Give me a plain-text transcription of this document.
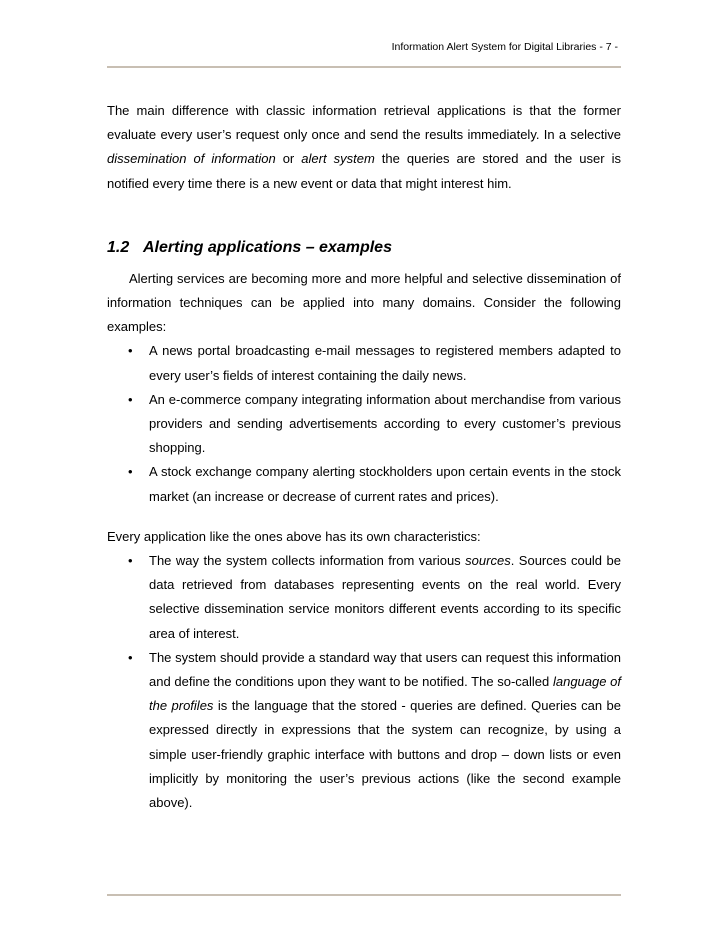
Information Alert System for Digital Libraries - 7 -

The main difference with classic information retrieval applications is that the former evaluate every user’s request only once and send the results immediately. In a selective dissemination of information or alert system the queries are stored and the user is notified every time there is a new event or data that might interest him.

1.2 Alerting applications – examples

Alerting services are becoming more and more helpful and selective dissemination of information techniques can be applied into many domains. Consider the following examples:

• A news portal broadcasting e-mail messages to registered members adapted to every user’s fields of interest containing the daily news.
• An e-commerce company integrating information about merchandise from various providers and sending advertisements according to every customer’s previous shopping.
• A stock exchange company alerting stockholders upon certain events in the stock market (an increase or decrease of current rates and prices).

Every application like the ones above has its own characteristics:

• The way the system collects information from various sources. Sources could be data retrieved from databases representing events on the real world. Every selective dissemination service monitors different events according to its specific area of interest.
• The system should provide a standard way that users can request this information and define the conditions upon they want to be notified. The so-called language of the profiles is the language that the stored - queries are defined. Queries can be expressed directly in expressions that the system can recognize, by using a simple user-friendly graphic interface with buttons and drop – down lists or even implicitly by monitoring the user’s previous actions (like the second example above).
